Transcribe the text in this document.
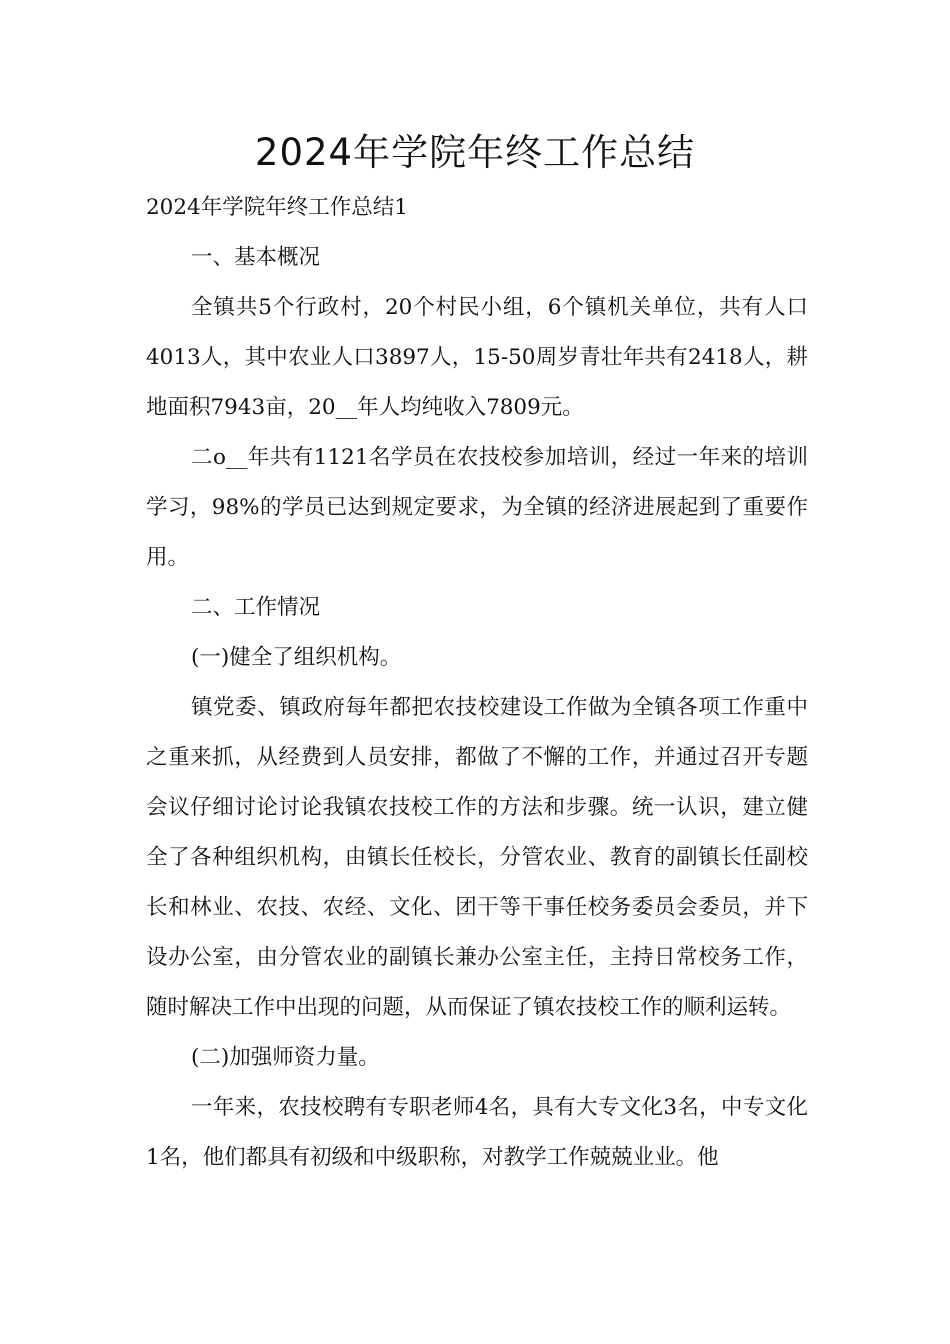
2024年学院年终工作总结

2024年学院年终工作总结1

一、基本概况

全镇共5个行政村，20个村民小组，6个镇机关单位，共有人口4013人，其中农业人口3897人，15-50周岁青壮年共有2418人，耕地面积7943亩，20__年人均纯收入7809元。

二o__年共有1121名学员在农技校参加培训，经过一年来的培训学习，98%的学员已达到规定要求，为全镇的经济进展起到了重要作用。

二、工作情况

(一)健全了组织机构。

镇党委、镇政府每年都把农技校建设工作做为全镇各项工作重中之重来抓，从经费到人员安排，都做了不懈的工作，并通过召开专题会议仔细讨论讨论我镇农技校工作的方法和步骤。统一认识，建立健全了各种组织机构，由镇长任校长，分管农业、教育的副镇长任副校长和林业、农技、农经、文化、团干等干事任校务委员会委员，并下设办公室，由分管农业的副镇长兼办公室主任，主持日常校务工作，随时解决工作中出现的问题，从而保证了镇农技校工作的顺利运转。

(二)加强师资力量。

一年来，农技校聘有专职老师4名，具有大专文化3名，中专文化1名，他们都具有初级和中级职称，对教学工作兢兢业业。他
